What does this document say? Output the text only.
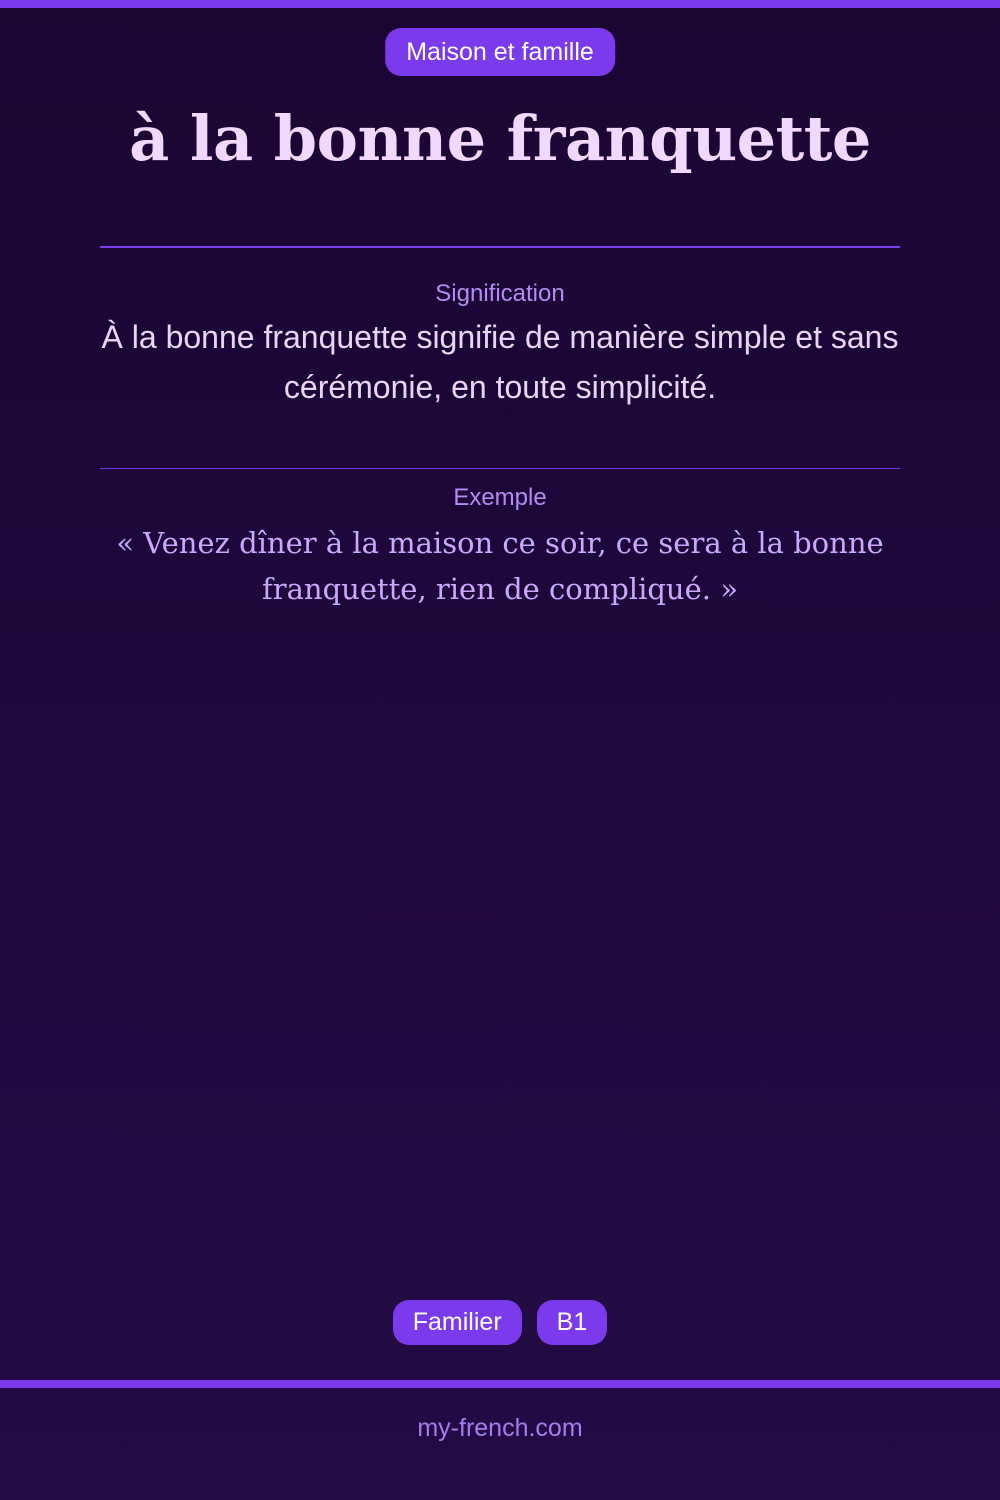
Maison et famille
à la bonne franquette
Signification
À la bonne franquette signifie de manière simple et sans cérémonie, en toute simplicité.
Exemple
« Venez dîner à la maison ce soir, ce sera à la bonne franquette, rien de compliqué. »
Familier	B1
my-french.com
